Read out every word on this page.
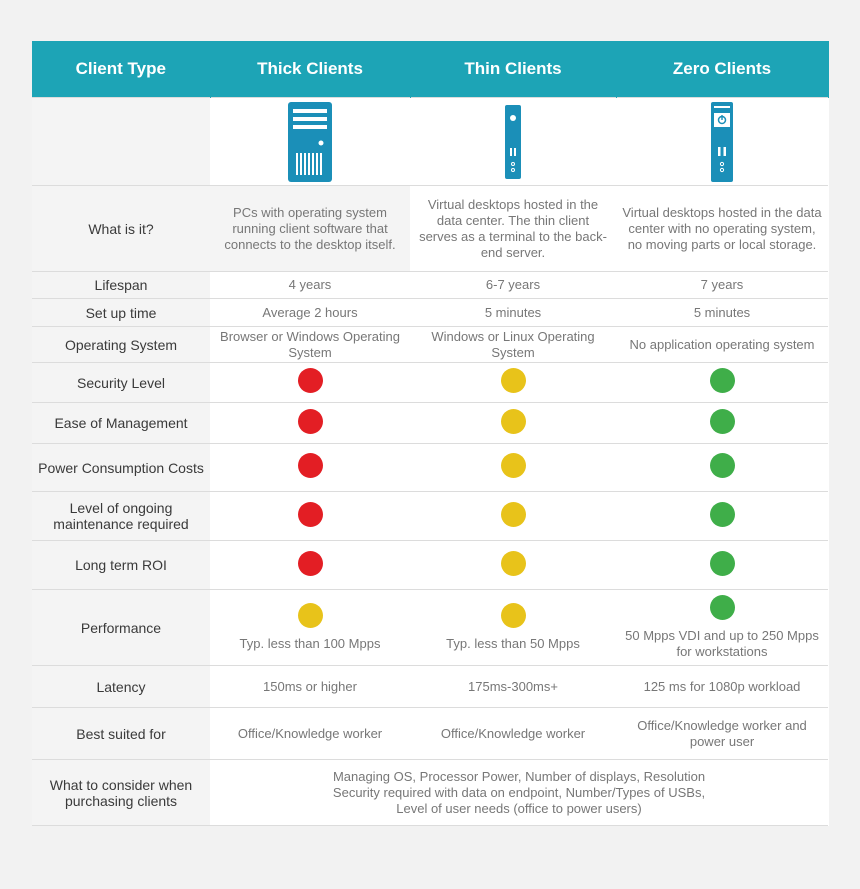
Client Type	Thick Clients	Thin Clients	Zero Clients

What is it?	PCs with operating system running client software that connects to the desktop itself.	Virtual desktops hosted in the data center. The thin client serves as a terminal to the back-end server.	Virtual desktops hosted in the data center with no operating system, no moving parts or local storage.
Lifespan	4 years	6-7 years	7 years
Set up time	Average 2 hours	5 minutes	5 minutes
Operating System	Browser or Windows Operating System	Windows or Linux Operating System	No application operating system
Security Level			
Ease of Management			
Power Consumption Costs			
Level of ongoing maintenance required			
Long term ROI			
Performance	Typ. less than 100 Mpps	Typ. less than 50 Mpps	50 Mpps VDI and up to 250 Mpps for workstations

Latency	150ms or higher	175ms-300ms+	125 ms for 1080p workload
Best suited for	Office/Knowledge worker	Office/Knowledge worker	Office/Knowledge worker and power user
What to consider when purchasing clients	Managing OS, Processor Power, Number of displays, Resolution
Security required with data on endpoint, Number/Types of USBs,
Level of user needs (office to power users)		
